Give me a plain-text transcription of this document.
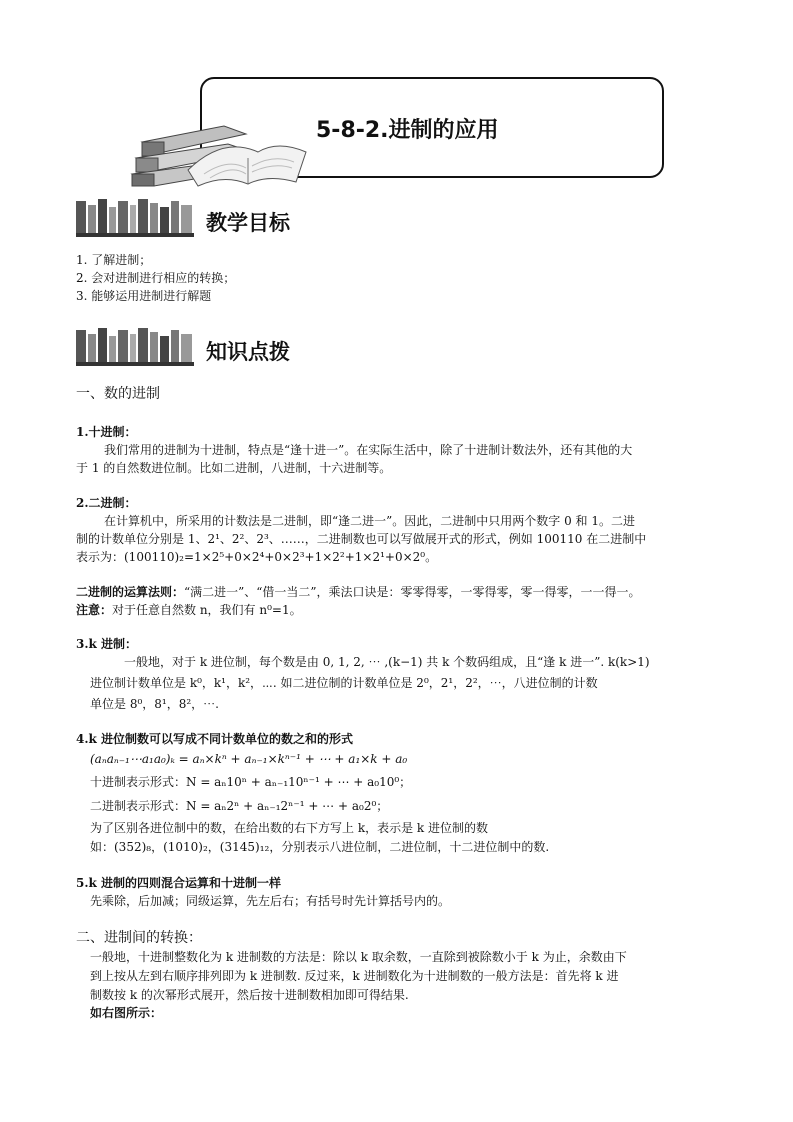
5-8-2.进制的应用
教学目标
1. 了解进制；
2. 会对进制进行相应的转换；
3. 能够运用进制进行解题
知识点拨
一、数的进制
1.十进制：
我们常用的进制为十进制，特点是“逢十进一”。在实际生活中，除了十进制计数法外，还有其他的大
于 1 的自然数进位制。比如二进制，八进制，十六进制等。
2.二进制：
在计算机中，所采用的计数法是二进制，即“逢二进一”。因此，二进制中只用两个数字 0 和 1。二进
制的计数单位分别是 1、2¹、2²、2³、……，二进制数也可以写做展开式的形式，例如 100110 在二进制中
表示为：(100110)₂=1×2⁵+0×2⁴+0×2³+1×2²+1×2¹+0×2⁰。
二进制的运算法则：“满二进一”、“借一当二”，乘法口诀是：零零得零，一零得零，零一得零，一一得一。
注意：对于任意自然数 n，我们有 n⁰=1。
3.k 进制：
一般地，对于 k 进位制，每个数是由 0, 1, 2, ⋯ ,(k−1) 共 k 个数码组成，且“逢 k 进一”. k(k>1)
进位制计数单位是 k⁰，k¹，k²，⋯. 如二进位制的计数单位是 2⁰，2¹，2²，⋯，八进位制的计数
单位是 8⁰，8¹，8²，⋯.
4.k 进位制数可以写成不同计数单位的数之和的形式
(aₙaₙ₋₁⋯a₁a₀)ₖ = aₙ×kⁿ + aₙ₋₁×kⁿ⁻¹ + ⋯ + a₁×k + a₀
十进制表示形式：N = aₙ10ⁿ + aₙ₋₁10ⁿ⁻¹ + ⋯ + a₀10⁰；
二进制表示形式：N = aₙ2ⁿ + aₙ₋₁2ⁿ⁻¹ + ⋯ + a₀2⁰；
为了区别各进位制中的数，在给出数的右下方写上 k，表示是 k 进位制的数
如：(352)₈，(1010)₂，(3145)₁₂，分别表示八进位制，二进位制，十二进位制中的数.
5.k 进制的四则混合运算和十进制一样
先乘除，后加减；同级运算，先左后右；有括号时先计算括号内的。
二、进制间的转换：
一般地，十进制整数化为 k 进制数的方法是：除以 k 取余数，一直除到被除数小于 k 为止，余数由下
到上按从左到右顺序排列即为 k 进制数. 反过来，k 进制数化为十进制数的一般方法是：首先将 k 进
制数按 k 的次幂形式展开，然后按十进制数相加即可得结果.
如右图所示：
